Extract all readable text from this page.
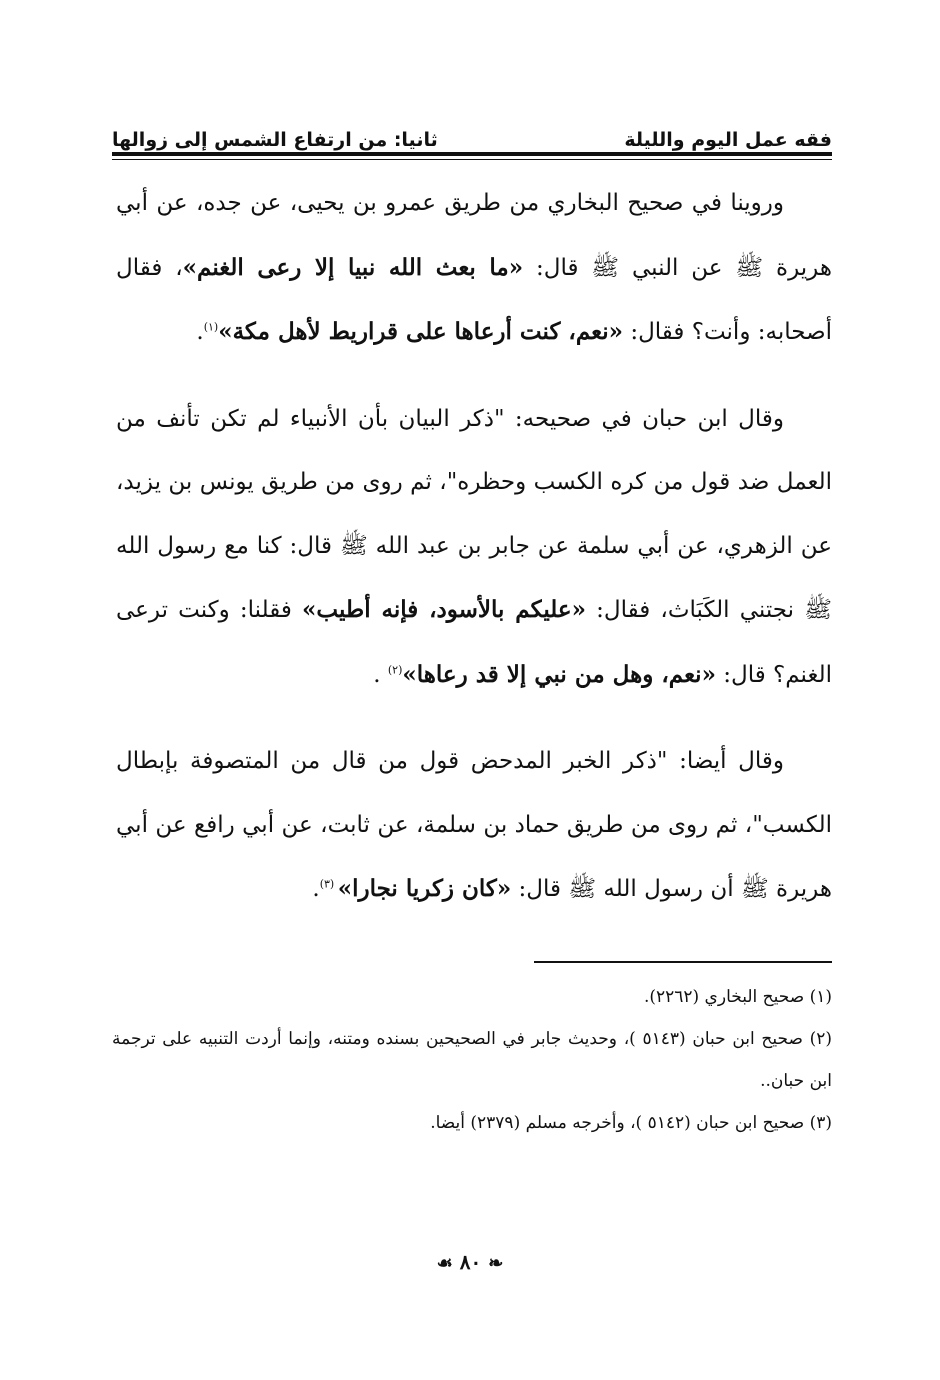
فقه عمل اليوم والليلة
ثانيا: من ارتفاع الشمس إلى زوالها

وروينا في صحيح البخاري من طريق عمرو بن يحيى، عن جده، عن أبي هريرة ﷺ عن النبي ﷺ قال: «ما بعث الله نبيا إلا رعى الغنم»، فقال أصحابه: وأنت؟ فقال: «نعم، كنت أرعاها على قراريط لأهل مكة»$^{(١)}$.

وقال ابن حبان في صحيحه: "ذكر البيان بأن الأنبياء لم تكن تأنف من العمل ضد قول من كره الكسب وحظره"، ثم روى من طريق يونس بن يزيد، عن الزهري، عن أبي سلمة عن جابر بن عبد الله ﷺ قال: كنا مع رسول الله ﷺ نجتني الكَبَاث، فقال: «عليكم بالأسود، فإنه أطيب» فقلنا: وكنت ترعى الغنم؟ قال: «نعم، وهل من نبي إلا قد رعاها»$^{(٢)}$ .

وقال أيضا: "ذكر الخبر المدحض قول من قال من المتصوفة بإبطال الكسب"، ثم روى من طريق حماد بن سلمة، عن ثابت، عن أبي رافع عن أبي هريرة ﷺ أن رسول الله ﷺ قال: «كان زكريا نجارا» $^{(٣)}$.

(١) صحيح البخاري (٢٢٦٢).

(٢) صحيح ابن حبان (٥١٤٣ )، وحديث جابر في الصحيحين بسنده ومتنه، وإنما أردت التنبيه على ترجمة ابن حبان..

(٣) صحيح ابن حبان (٥١٤٢ )، وأخرجه مسلم (٢٣٧٩) أيضا.

❧ ٨٠ ☙
